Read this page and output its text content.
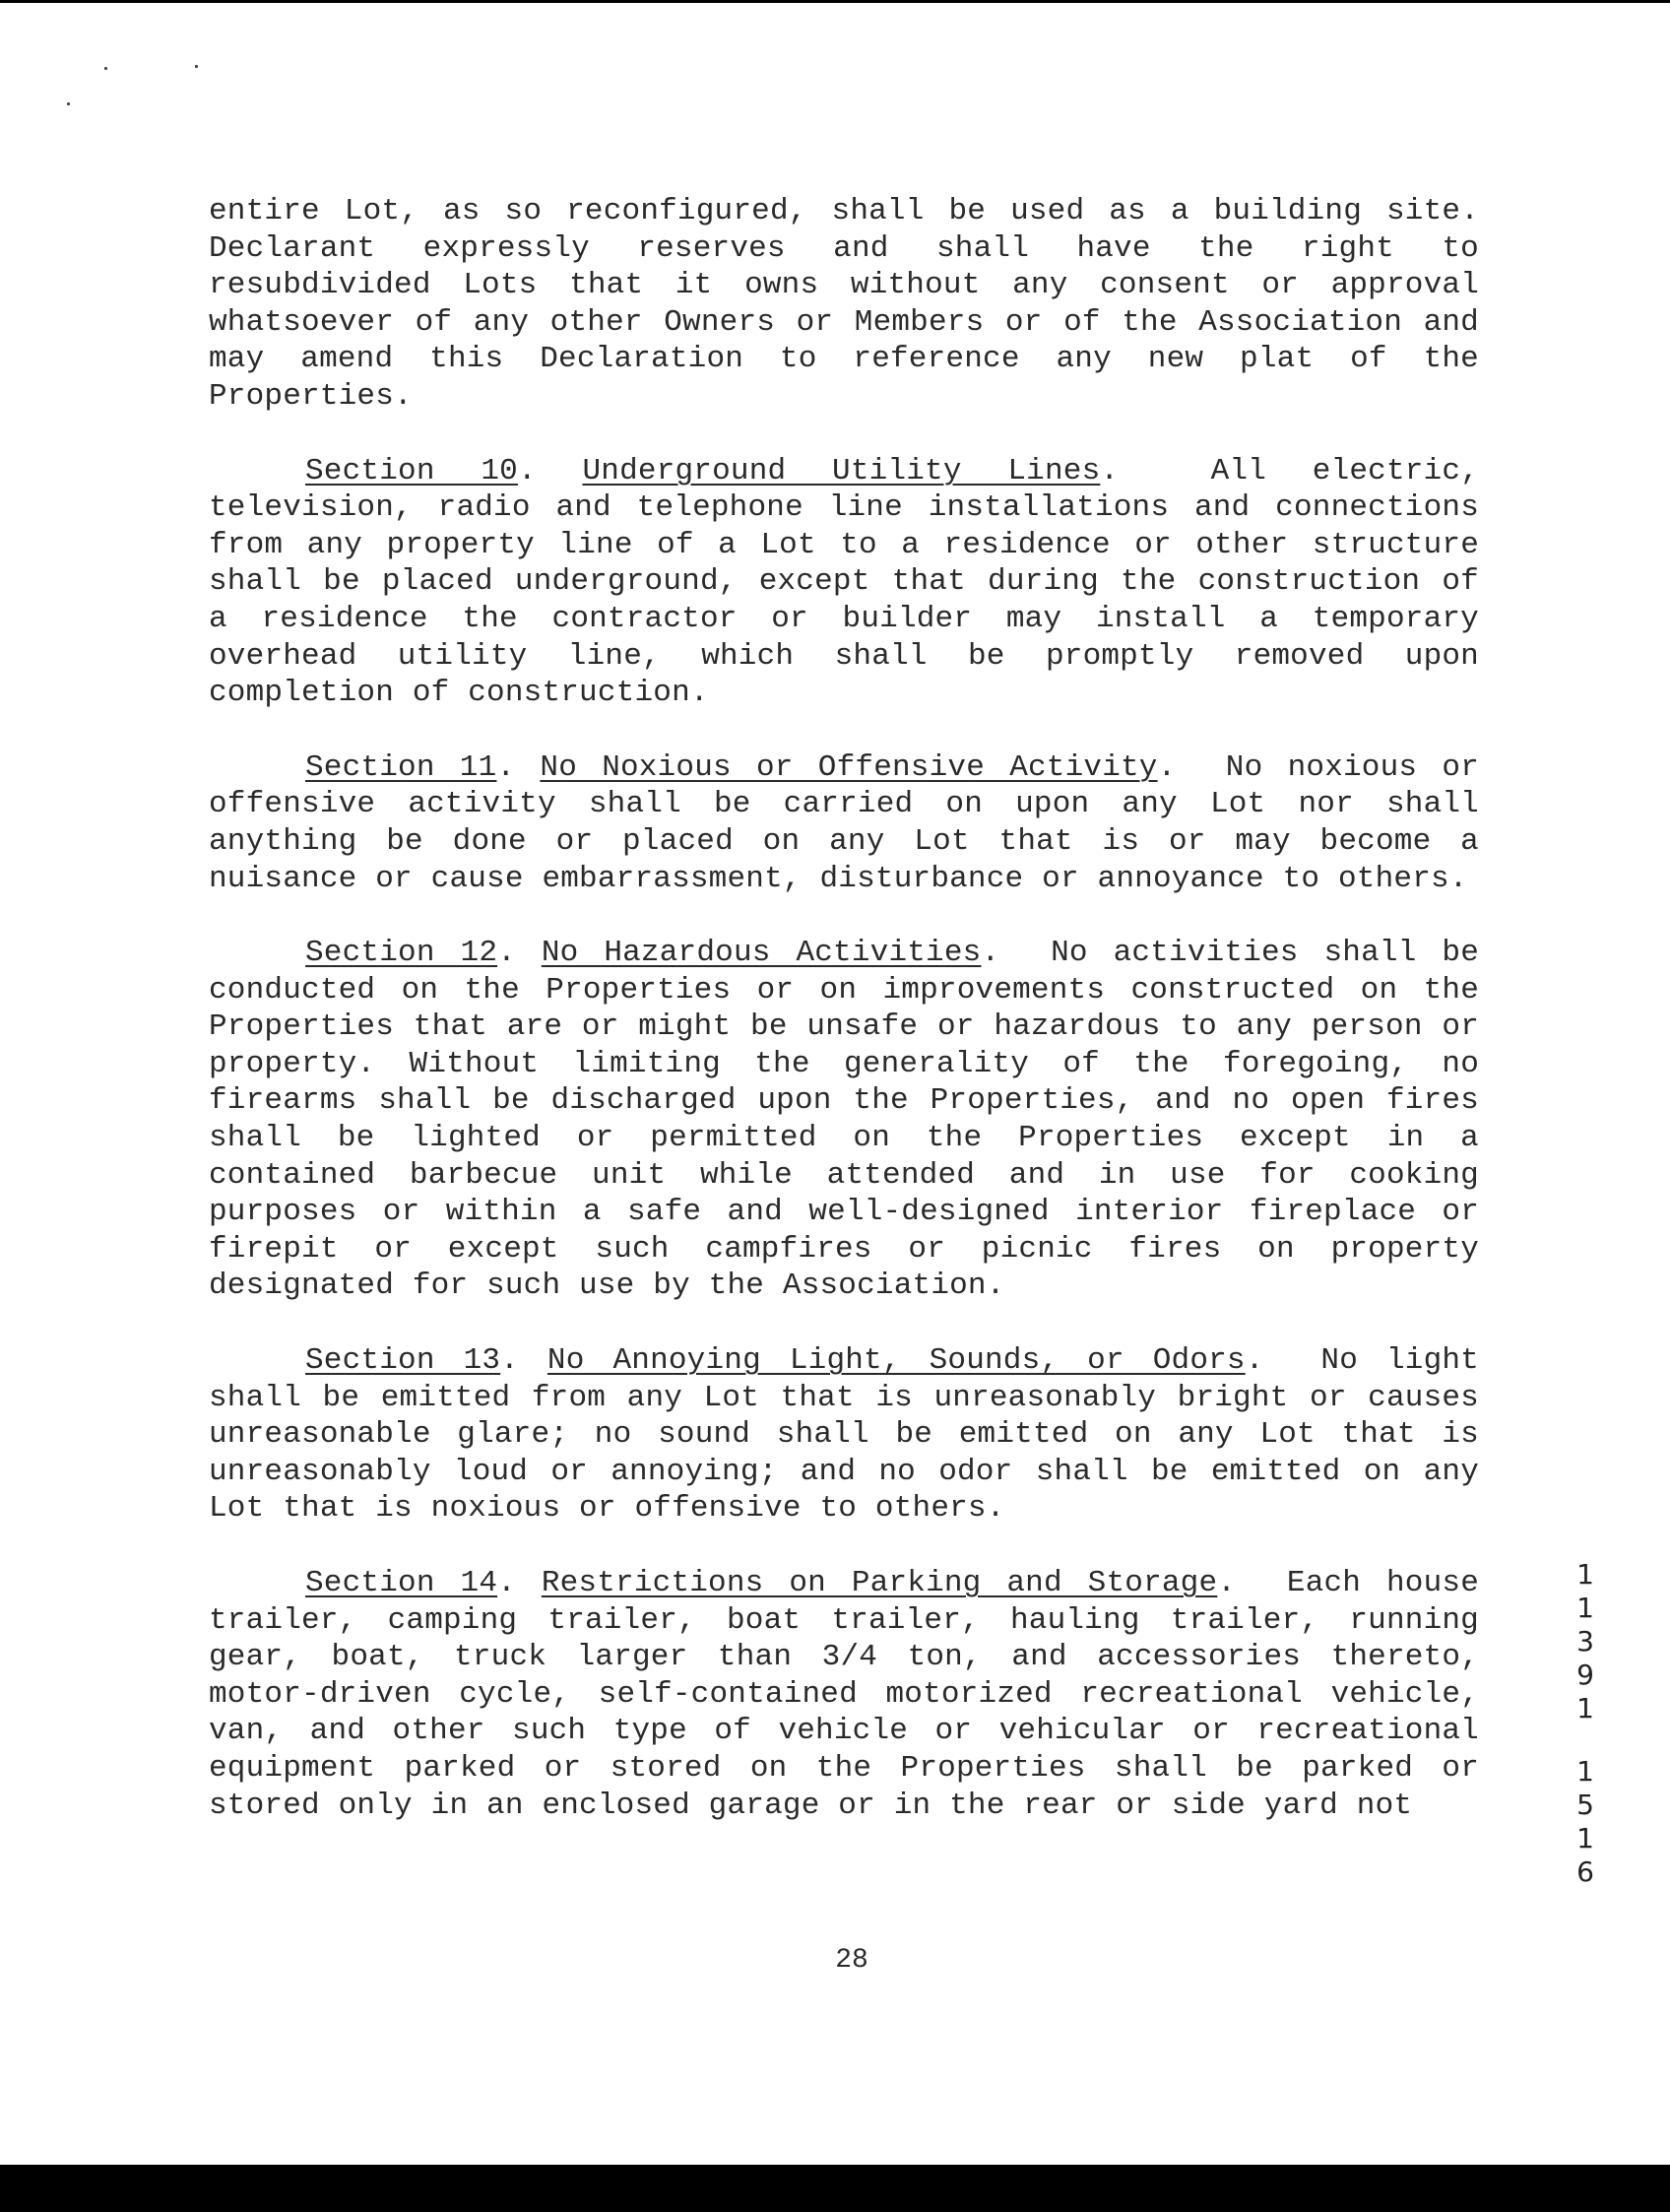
entire Lot, as so reconfigured, shall be used as a building site. Declarant expressly reserves and shall have the right to resubdivided Lots that it owns without any consent or approval whatsoever of any other Owners or Members or of the Association and may amend this Declaration to reference any new plat of the Properties.

Section 10. Underground Utility Lines.  All electric, television, radio and telephone line installations and connections from any property line of a Lot to a residence or other structure shall be placed underground, except that during the construction of a residence the contractor or builder may install a temporary overhead utility line, which shall be promptly removed upon completion of construction.

Section 11. No Noxious or Offensive Activity.  No noxious or offensive activity shall be carried on upon any Lot nor shall anything be done or placed on any Lot that is or may become a nuisance or cause embarrassment, disturbance or annoyance to others.

Section 12. No Hazardous Activities.  No activities shall be conducted on the Properties or on improvements constructed on the Properties that are or might be unsafe or hazardous to any person or property. Without limiting the generality of the foregoing, no firearms shall be discharged upon the Properties, and no open fires shall be lighted or permitted on the Properties except in a contained barbecue unit while attended and in use for cooking purposes or within a safe and well-designed interior fireplace or firepit or except such campfires or picnic fires on property designated for such use by the Association.

Section 13. No Annoying Light, Sounds, or Odors.  No light shall be emitted from any Lot that is unreasonably bright or causes unreasonable glare; no sound shall be emitted on any Lot that is unreasonably loud or annoying; and no odor shall be emitted on any Lot that is noxious or offensive to others.

Section 14. Restrictions on Parking and Storage.  Each house trailer, camping trailer, boat trailer, hauling trailer, running gear, boat, truck larger than 3/4 ton, and accessories thereto, motor-driven cycle, self-contained motorized recreational vehicle, van, and other such type of vehicle or vehicular or recreational equipment parked or stored on the Properties shall be parked or stored only in an enclosed garage or in the rear or side yard not

28
1
1
3
9
1
1
5
1
6
